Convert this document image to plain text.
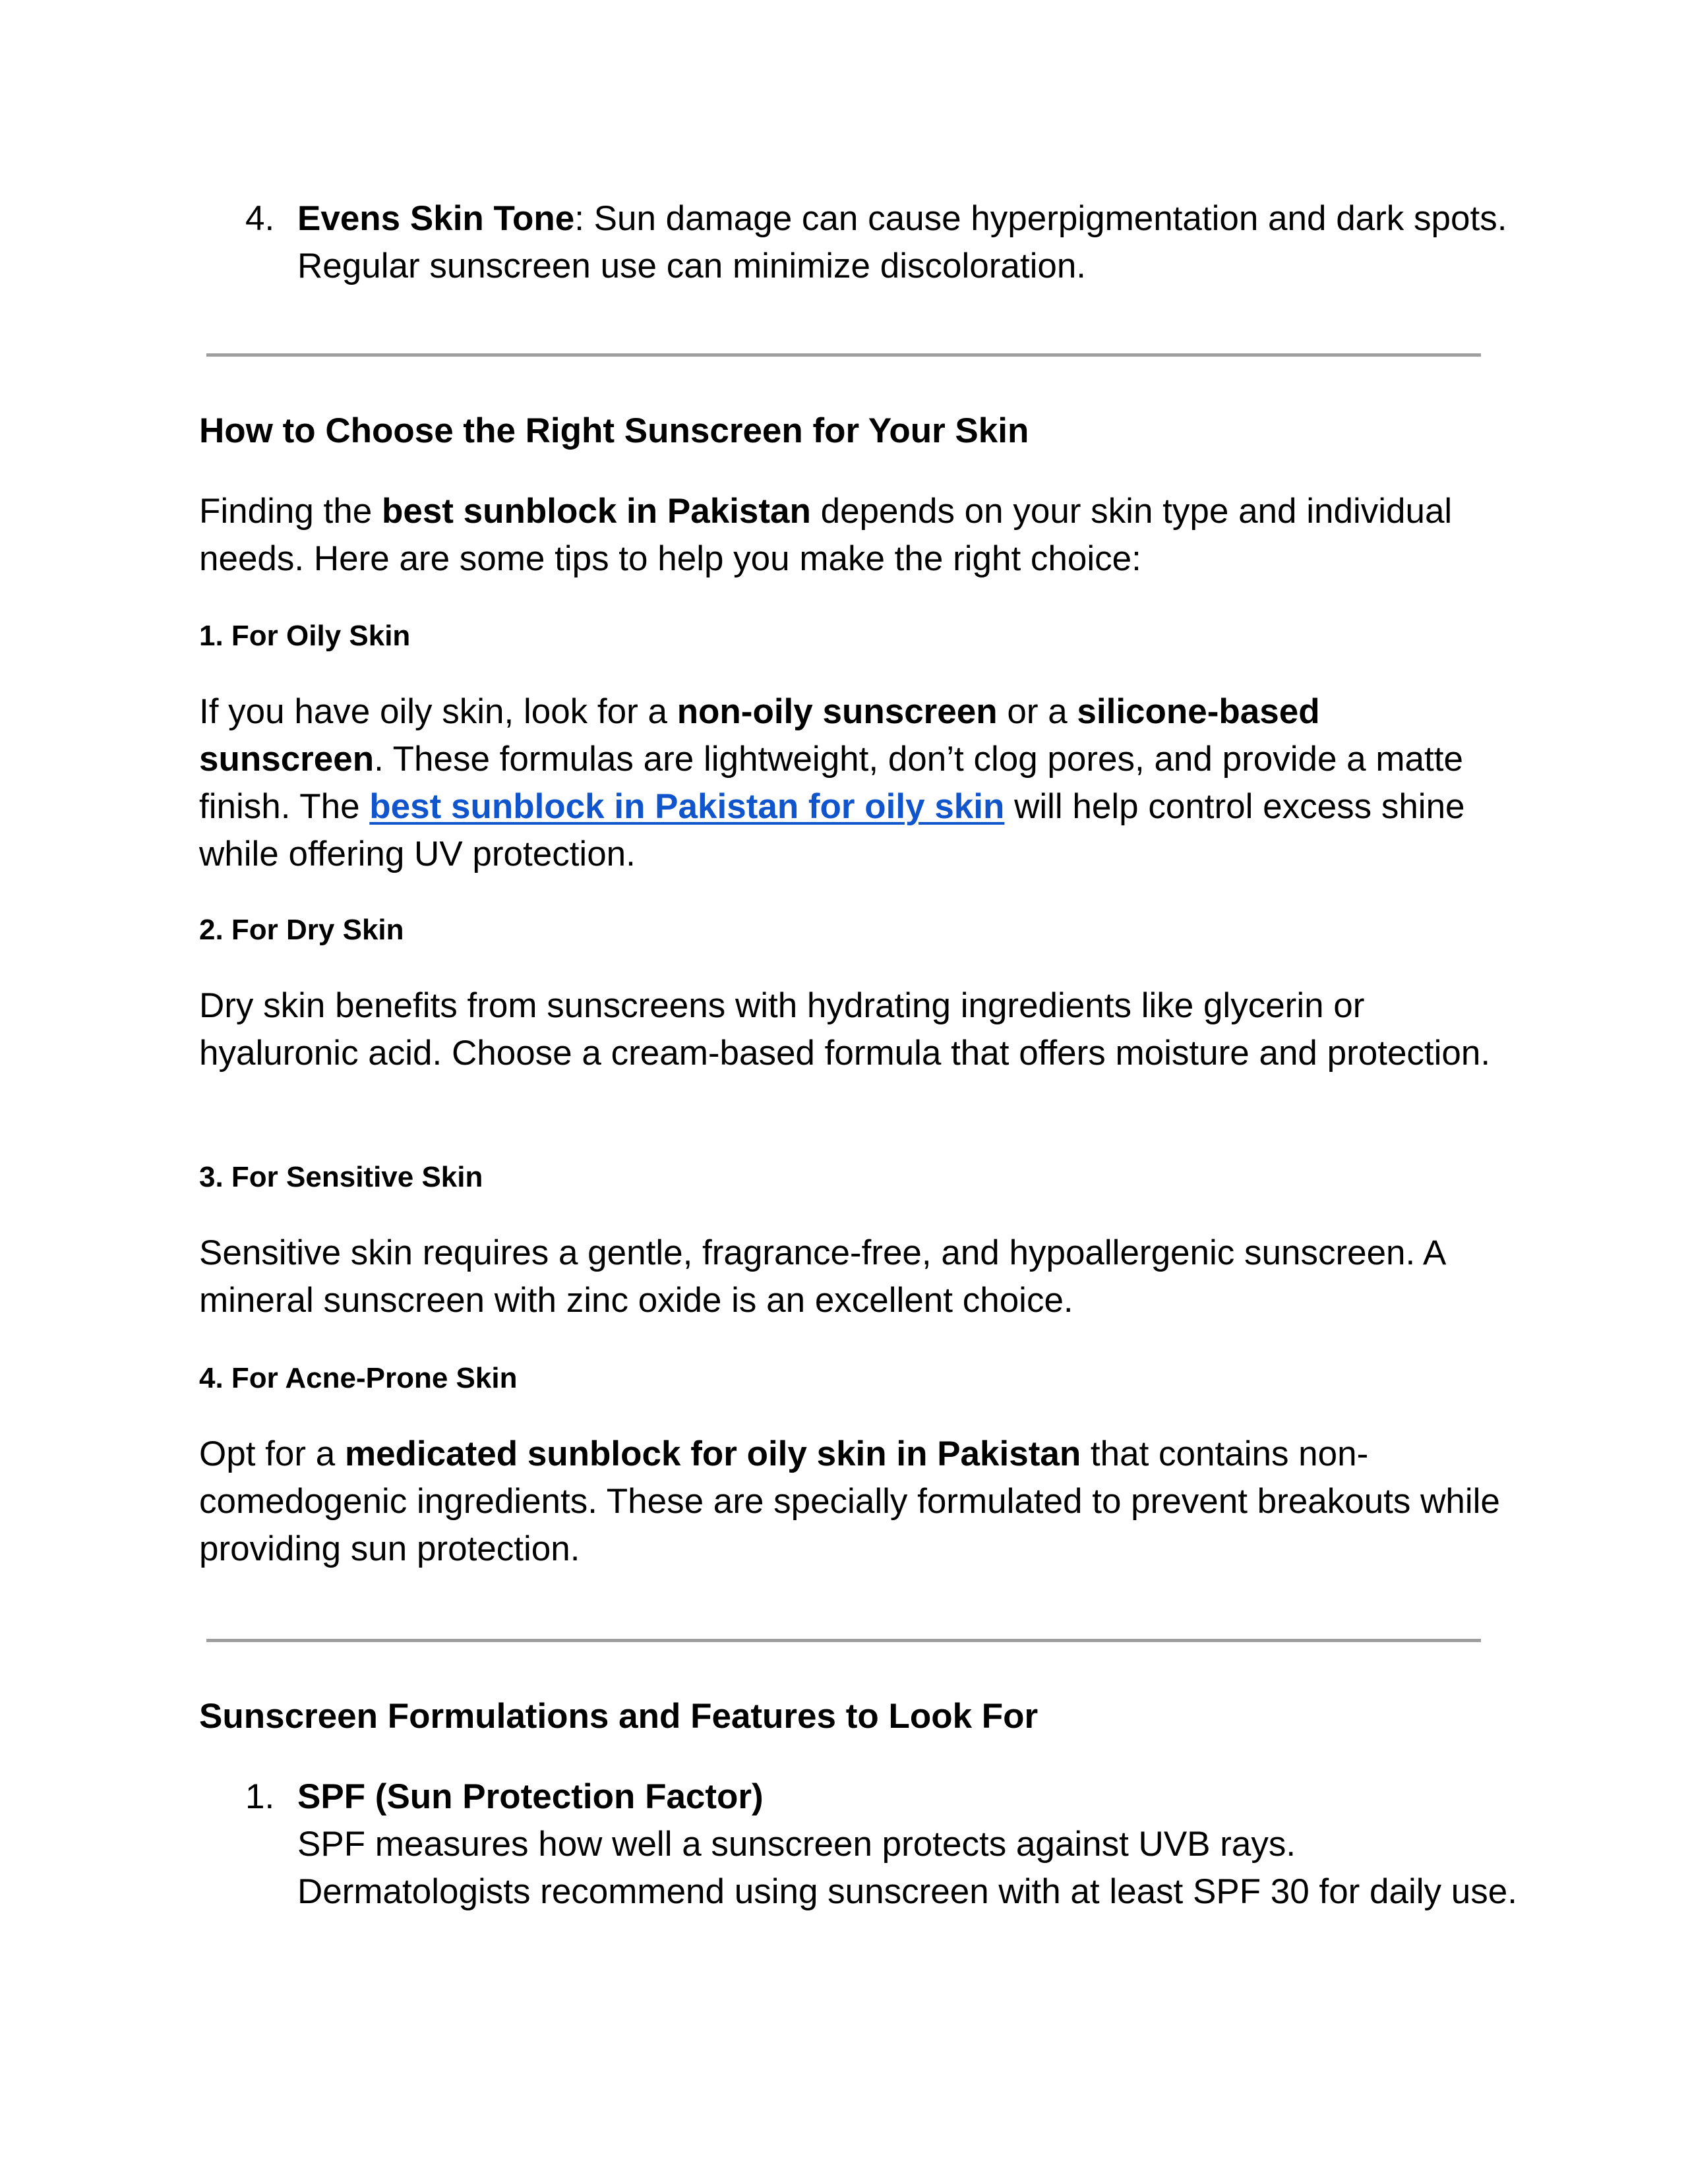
4. Evens Skin Tone: Sun damage can cause hyperpigmentation and dark spots. Regular sunscreen use can minimize discoloration.
How to Choose the Right Sunscreen for Your Skin

Finding the best sunblock in Pakistan depends on your skin type and individual needs. Here are some tips to help you make the right choice:

1. For Oily Skin

If you have oily skin, look for a non-oily sunscreen or a silicone-based sunscreen. These formulas are lightweight, don’t clog pores, and provide a matte finish. The best sunblock in Pakistan for oily skin will help control excess shine while offering UV protection.

2. For Dry Skin

Dry skin benefits from sunscreens with hydrating ingredients like glycerin or hyaluronic acid. Choose a cream-based formula that offers moisture and protection.

3. For Sensitive Skin

Sensitive skin requires a gentle, fragrance-free, and hypoallergenic sunscreen. A mineral sunscreen with zinc oxide is an excellent choice.

4. For Acne-Prone Skin

Opt for a medicated sunblock for oily skin in Pakistan that contains non-comedogenic ingredients. These are specially formulated to prevent breakouts while providing sun protection.

Sunscreen Formulations and Features to Look For
1. SPF (Sun Protection Factor)
SPF measures how well a sunscreen protects against UVB rays. Dermatologists recommend using sunscreen with at least SPF 30 for daily use.
